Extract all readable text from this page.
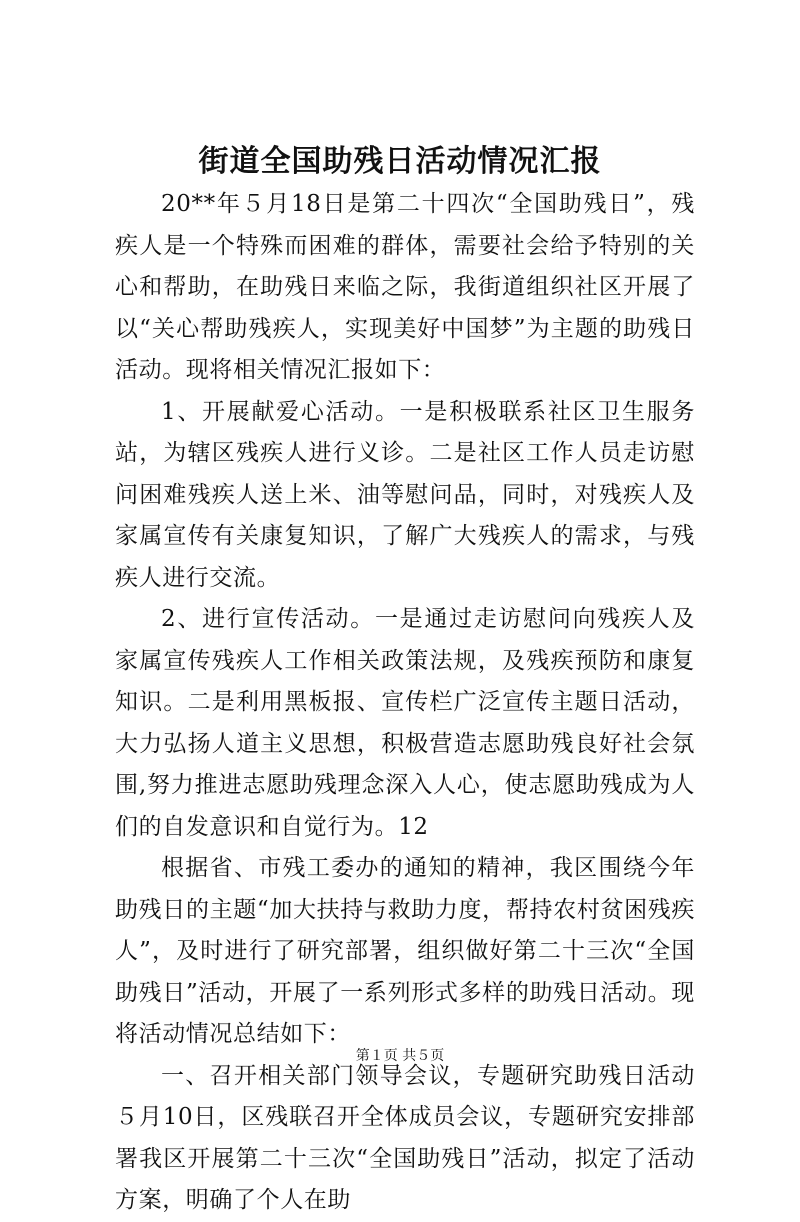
街道全国助残日活动情况汇报

20**年５月18日是第二十四次“全国助残日”，残疾人是一个特殊而困难的群体，需要社会给予特别的关心和帮助，在助残日来临之际，我街道组织社区开展了以“关心帮助残疾人，实现美好中国梦”为主题的助残日活动。现将相关情况汇报如下：

1、开展献爱心活动。一是积极联系社区卫生服务站，为辖区残疾人进行义诊。二是社区工作人员走访慰问困难残疾人送上米、油等慰问品，同时，对残疾人及家属宣传有关康复知识，了解广大残疾人的需求，与残疾人进行交流。

2、进行宣传活动。一是通过走访慰问向残疾人及家属宣传残疾人工作相关政策法规，及残疾预防和康复知识。二是利用黑板报、宣传栏广泛宣传主题日活动，大力弘扬人道主义思想，积极营造志愿助残良好社会氛围,努力推进志愿助残理念深入人心，使志愿助残成为人们的自发意识和自觉行为。12

根据省、市残工委办的通知的精神，我区围绕今年助残日的主题“加大扶持与救助力度，帮持农村贫困残疾人”，及时进行了研究部署，组织做好第二十三次“全国助残日”活动，开展了一系列形式多样的助残日活动。现将活动情况总结如下：

一、召开相关部门领导会议，专题研究助残日活动５月10日，区残联召开全体成员会议，专题研究安排部署我区开展第二十三次“全国助残日”活动，拟定了活动方案，明确了个人在助

第１页 共５页
